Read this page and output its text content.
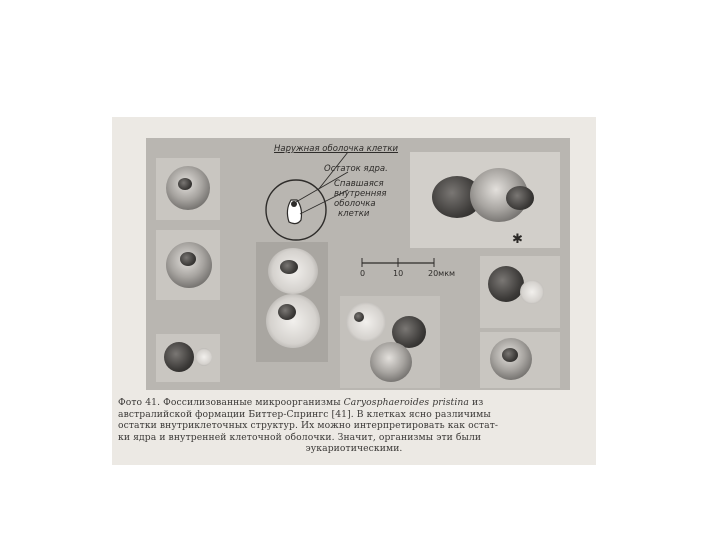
Наружная оболочка клетки
Остаток ядра.
Спавшаяся
внутренняя
оболочка
клетки
✱
0	10	20мкм
Фото 41. Фоссилизованные микроорганизмы Caryosphaeroides pristina из
австралийской формации Биттер-Спрингс [41]. В клетках ясно различимы
остатки внутриклеточных структур. Их можно интерпретировать как остат-
ки ядра и внутренней клеточной оболочки. Значит, организмы эти были
эукариотическими.
